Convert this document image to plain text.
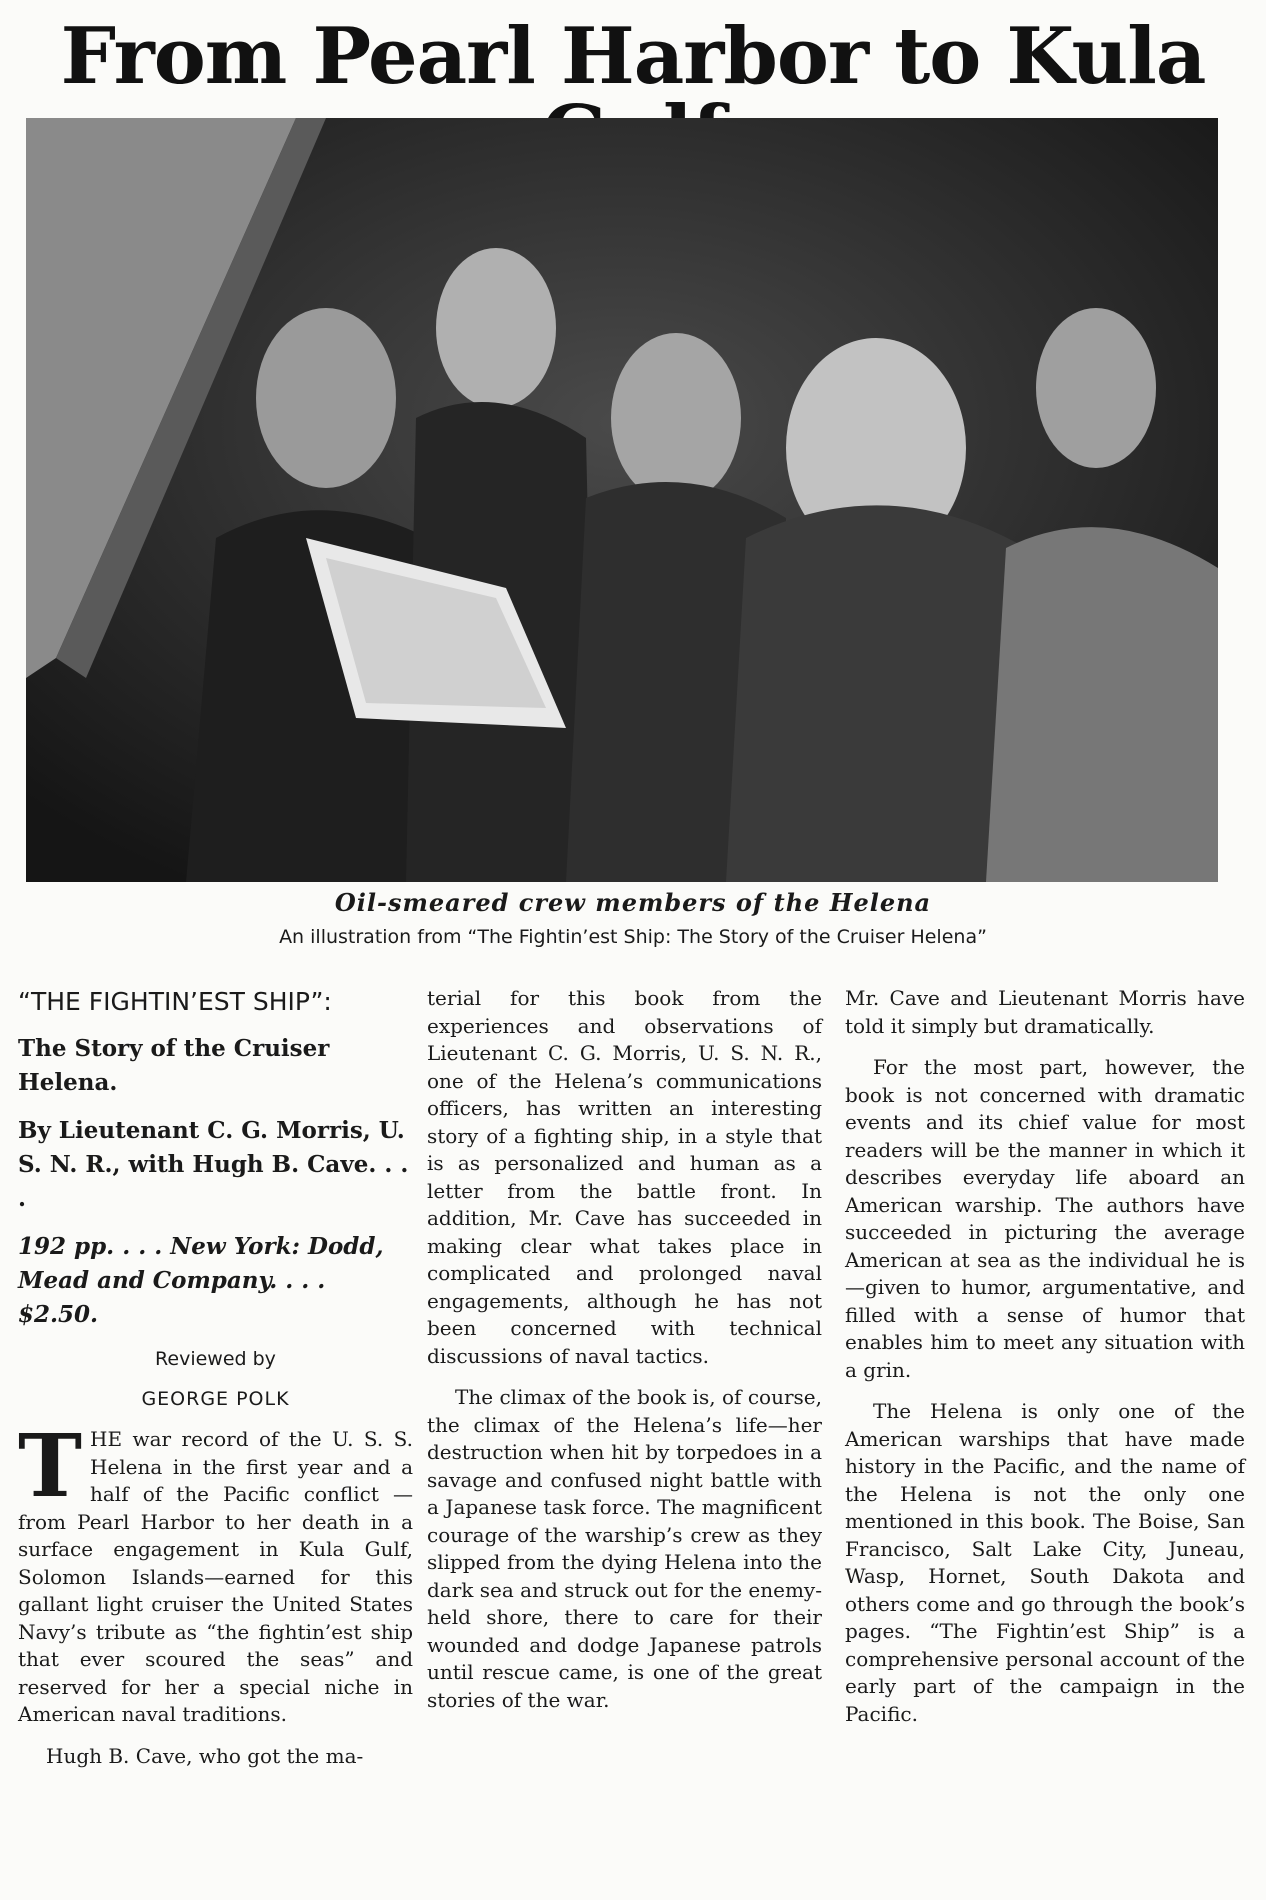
From Pearl Harbor to Kula
Oil-smeared crew members of the Helena
An illustration from “The Fightin’est Ship: The Story of the Cruiser Helena”

“THE FIGHTIN’EST SHIP”:

The Story of the Cruiser Helena.

By Lieutenant C. G. Morris, U. S. N. R., with Hugh B. Cave. . . .

192 pp. . . . New York: Dodd, Mead and Company. . . . $2.50.

Reviewed by

GEORGE POLK

THE war record of the U. S. S. Helena in the first year and a half of the Pacific conflict — from Pearl Harbor to her death in a surface engagement in Kula Gulf, Solomon Islands—earned for this gallant light cruiser the United States Navy’s tribute as “the fightin’est ship that ever scoured the seas” and reserved for her a special niche in American naval traditions.

Hugh B. Cave, who got the ma-

terial for this book from the experiences and observations of Lieutenant C. G. Morris, U. S. N. R., one of the Helena’s communications officers, has written an interesting story of a fighting ship, in a style that is as personalized and human as a letter from the battle front. In addition, Mr. Cave has succeeded in making clear what takes place in complicated and prolonged naval engagements, although he has not been concerned with technical discussions of naval tactics.

The climax of the book is, of course, the climax of the Helena’s life—her destruction when hit by torpedoes in a savage and confused night battle with a Japanese task force. The magnificent courage of the warship’s crew as they slipped from the dying Helena into the dark sea and struck out for the enemy-held shore, there to care for their wounded and dodge Japanese patrols until rescue came, is one of the great stories of the war.

Mr. Cave and Lieutenant Morris have told it simply but dramatically.

For the most part, however, the book is not concerned with dramatic events and its chief value for most readers will be the manner in which it describes everyday life aboard an American warship. The authors have succeeded in picturing the average American at sea as the individual he is—given to humor, argumentative, and filled with a sense of humor that enables him to meet any situation with a grin.

The Helena is only one of the American warships that have made history in the Pacific, and the name of the Helena is not the only one mentioned in this book. The Boise, San Francisco, Salt Lake City, Juneau, Wasp, Hornet, South Dakota and others come and go through the book’s pages. “The Fightin’est Ship” is a comprehensive personal account of the early part of the campaign in the Pacific.
